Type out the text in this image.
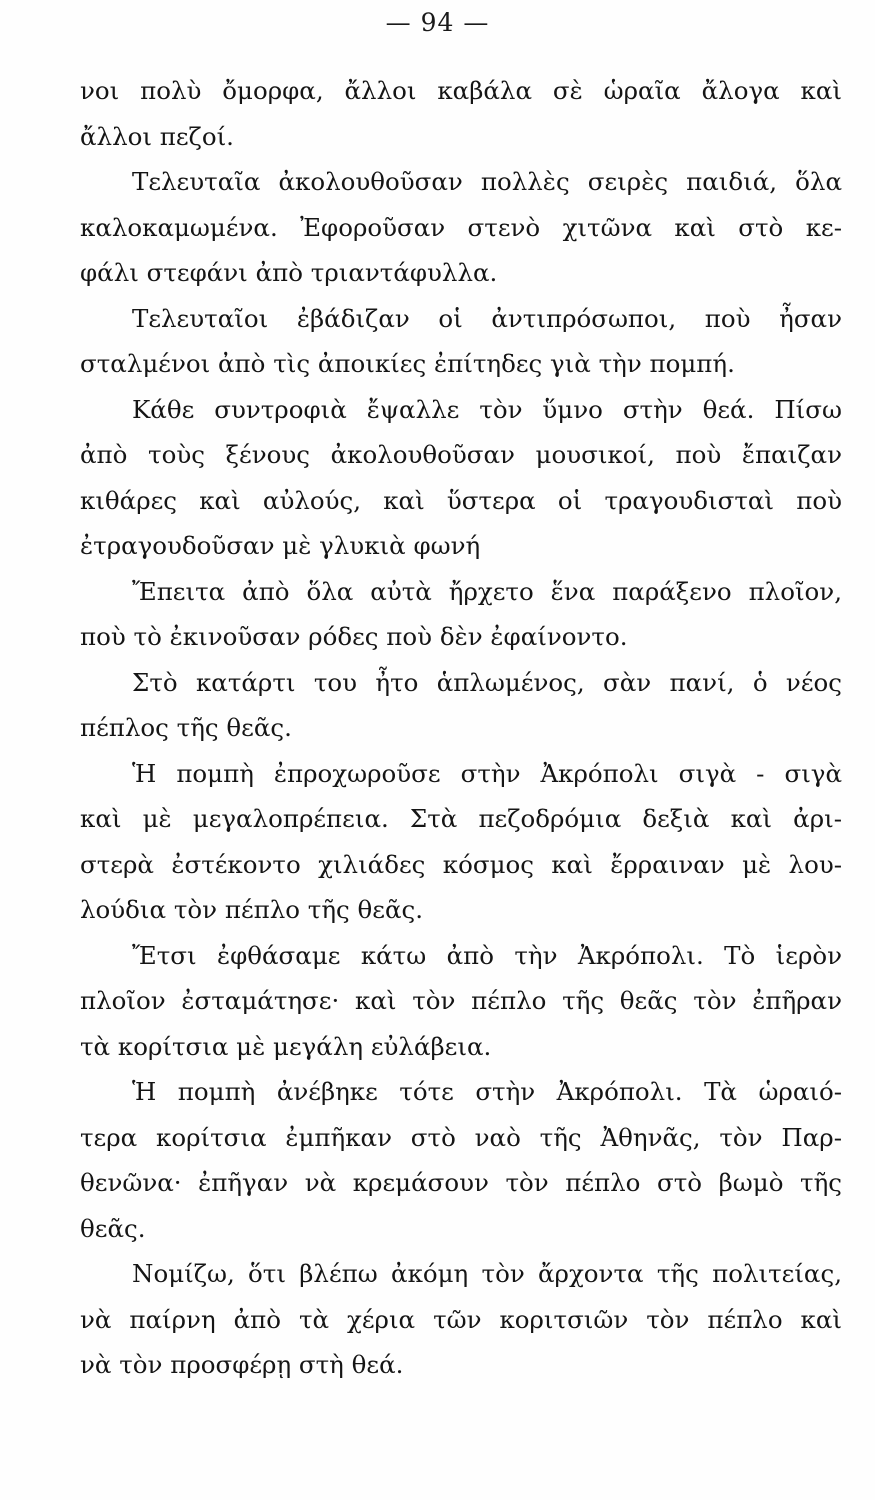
— 94 —
νοι πολὺ ὄμορφα, ἄλλοι καβάλα σὲ ὡραῖα ἄλογα καὶ
ἄλλοι πεζοί.
Τελευταῖα ἀκολουθοῦσαν πολλὲς σειρὲς παιδιά, ὅλα
καλοκαμωμένα. Ἐφοροῦσαν στενὸ χιτῶνα καὶ στὸ κε-
φάλι στεφάνι ἀπὸ τριαντάφυλλα.
Τελευταῖοι ἐβάδιζαν οἱ ἀντιπρόσωποι, ποὺ ἦσαν
σταλμένοι ἀπὸ τὶς ἀποικίες ἐπίτηδες γιὰ τὴν πομπή.
Κάθε συντροφιὰ ἔψαλλε τὸν ὕμνο στὴν θεά. Πίσω
ἀπὸ τοὺς ξένους ἀκολουθοῦσαν μουσικοί, ποὺ ἔπαιζαν
κιθάρες καὶ αὐλούς, καὶ ὕστερα οἱ τραγουδισταὶ ποὺ
ἐτραγουδοῦσαν μὲ γλυκιὰ φωνή
Ἔπειτα ἀπὸ ὅλα αὐτὰ ἤρχετο ἕνα παράξενο πλοῖον,
ποὺ τὸ ἐκινοῦσαν ρόδες ποὺ δὲν ἐφαίνοντο.
Στὸ κατάρτι του ἦτο ἁπλωμένος, σὰν πανί, ὁ νέος
πέπλος τῆς θεᾶς.
Ἡ πομπὴ ἐπροχωροῦσε στὴν Ἀκρόπολι σιγὰ - σιγὰ
καὶ μὲ μεγαλοπρέπεια. Στὰ πεζοδρόμια δεξιὰ καὶ ἀρι-
στερὰ ἐστέκοντο χιλιάδες κόσμος καὶ ἔρραιναν μὲ λου-
λούδια τὸν πέπλο τῆς θεᾶς.
Ἔτσι ἐφθάσαμε κάτω ἀπὸ τὴν Ἀκρόπολι. Τὸ ἱερὸν
πλοῖον ἐσταμάτησε· καὶ τὸν πέπλο τῆς θεᾶς τὸν ἐπῆραν
τὰ κορίτσια μὲ μεγάλη εὐλάβεια.
Ἡ πομπὴ ἀνέβηκε τότε στὴν Ἀκρόπολι. Τὰ ὡραιό-
τερα κορίτσια ἐμπῆκαν στὸ ναὸ τῆς Ἀθηνᾶς, τὸν Παρ-
θενῶνα· ἐπῆγαν νὰ κρεμάσουν τὸν πέπλο στὸ βωμὸ τῆς
θεᾶς.
Νομίζω, ὅτι βλέπω ἀκόμη τὸν ἄρχοντα τῆς πολιτείας,
νὰ παίρνη ἀπὸ τὰ χέρια τῶν κοριτσιῶν τὸν πέπλο καὶ
νὰ τὸν προσφέρῃ στὴ θεά.
